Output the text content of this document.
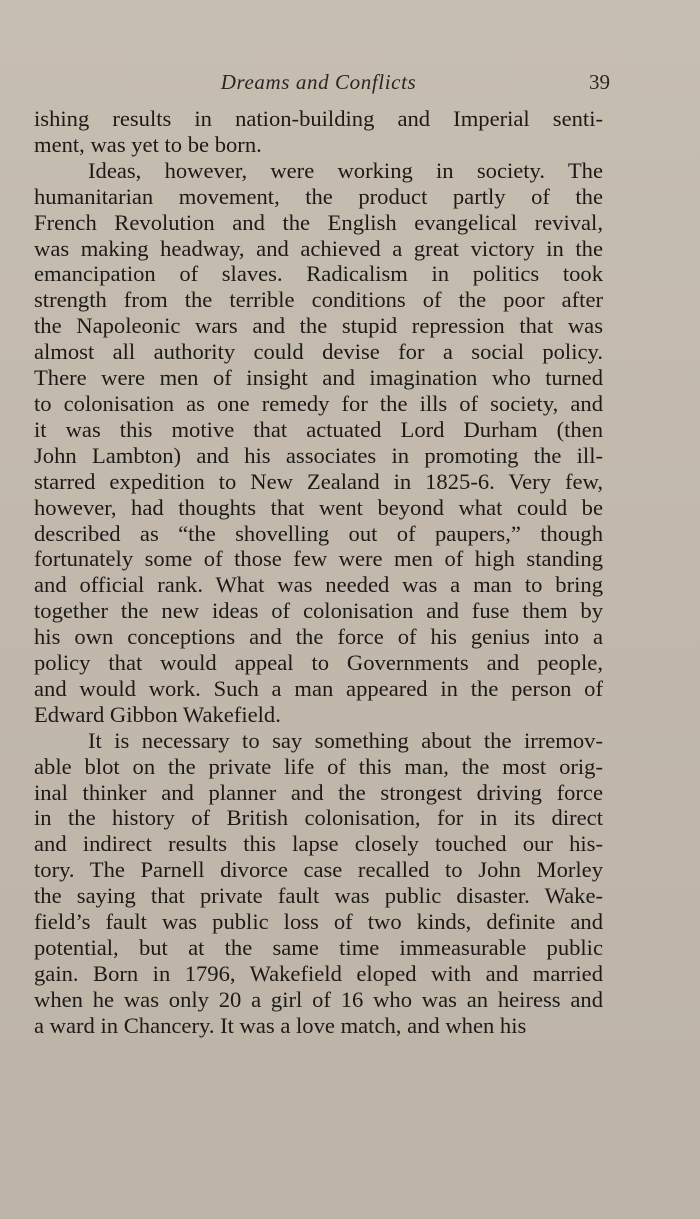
Dreams and Conflicts	39
ishing results in nation-building and Imperial senti-
ment, was yet to be born.
Ideas, however, were working in society. The
humanitarian movement, the product partly of the
French Revolution and the English evangelical revival,
was making headway, and achieved a great victory in the
emancipation of slaves. Radicalism in politics took
strength from the terrible conditions of the poor after
the Napoleonic wars and the stupid repression that was
almost all authority could devise for a social policy.
There were men of insight and imagination who turned
to colonisation as one remedy for the ills of society, and
it was this motive that actuated Lord Durham (then
John Lambton) and his associates in promoting the ill-
starred expedition to New Zealand in 1825-6. Very few,
however, had thoughts that went beyond what could be
described as “the shovelling out of paupers,” though
fortunately some of those few were men of high standing
and official rank. What was needed was a man to bring
together the new ideas of colonisation and fuse them by
his own conceptions and the force of his genius into a
policy that would appeal to Governments and people,
and would work. Such a man appeared in the person of
Edward Gibbon Wakefield.
It is necessary to say something about the irremov-
able blot on the private life of this man, the most orig-
inal thinker and planner and the strongest driving force
in the history of British colonisation, for in its direct
and indirect results this lapse closely touched our his-
tory. The Parnell divorce case recalled to John Morley
the saying that private fault was public disaster. Wake-
field’s fault was public loss of two kinds, definite and
potential, but at the same time immeasurable public
gain. Born in 1796, Wakefield eloped with and married
when he was only 20 a girl of 16 who was an heiress and
a ward in Chancery. It was a love match, and when his
